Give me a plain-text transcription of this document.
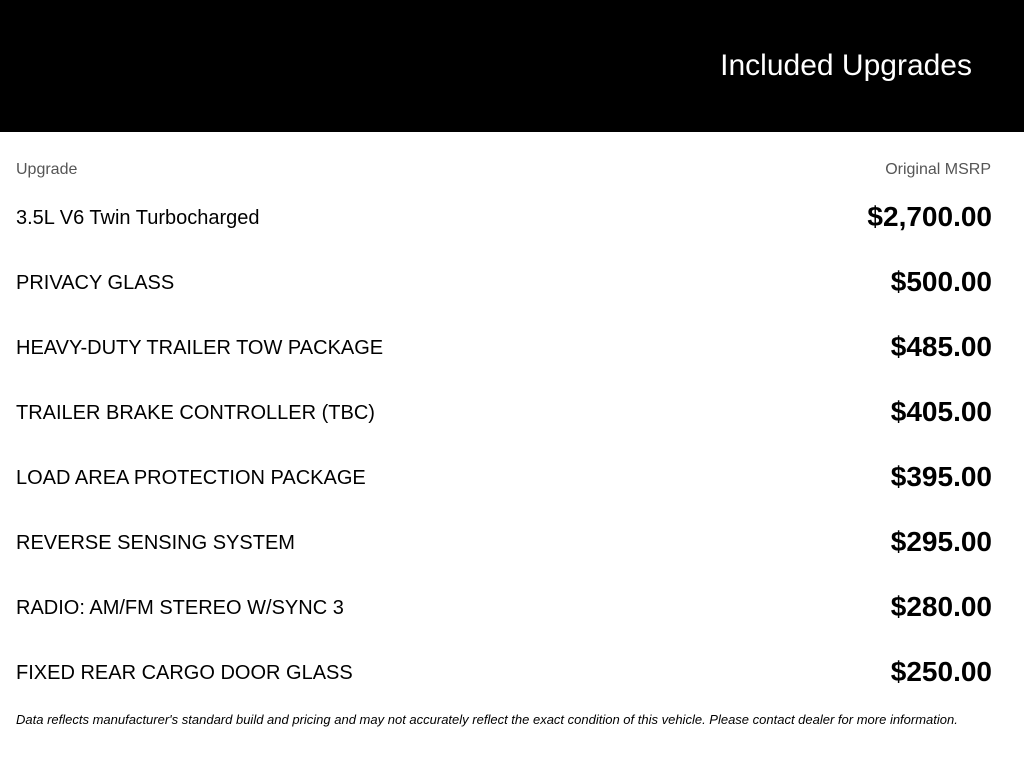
Included Upgrades
Upgrade	Original MSRP
3.5L V6 Twin Turbocharged	$2,700.00
PRIVACY GLASS	$500.00
HEAVY-DUTY TRAILER TOW PACKAGE	$485.00
TRAILER BRAKE CONTROLLER (TBC)	$405.00
LOAD AREA PROTECTION PACKAGE	$395.00
REVERSE SENSING SYSTEM	$295.00
RADIO: AM/FM STEREO W/SYNC 3	$280.00
FIXED REAR CARGO DOOR GLASS	$250.00

Data reflects manufacturer's standard build and pricing and may not accurately reflect the exact condition of this vehicle. Please contact dealer for more information.
